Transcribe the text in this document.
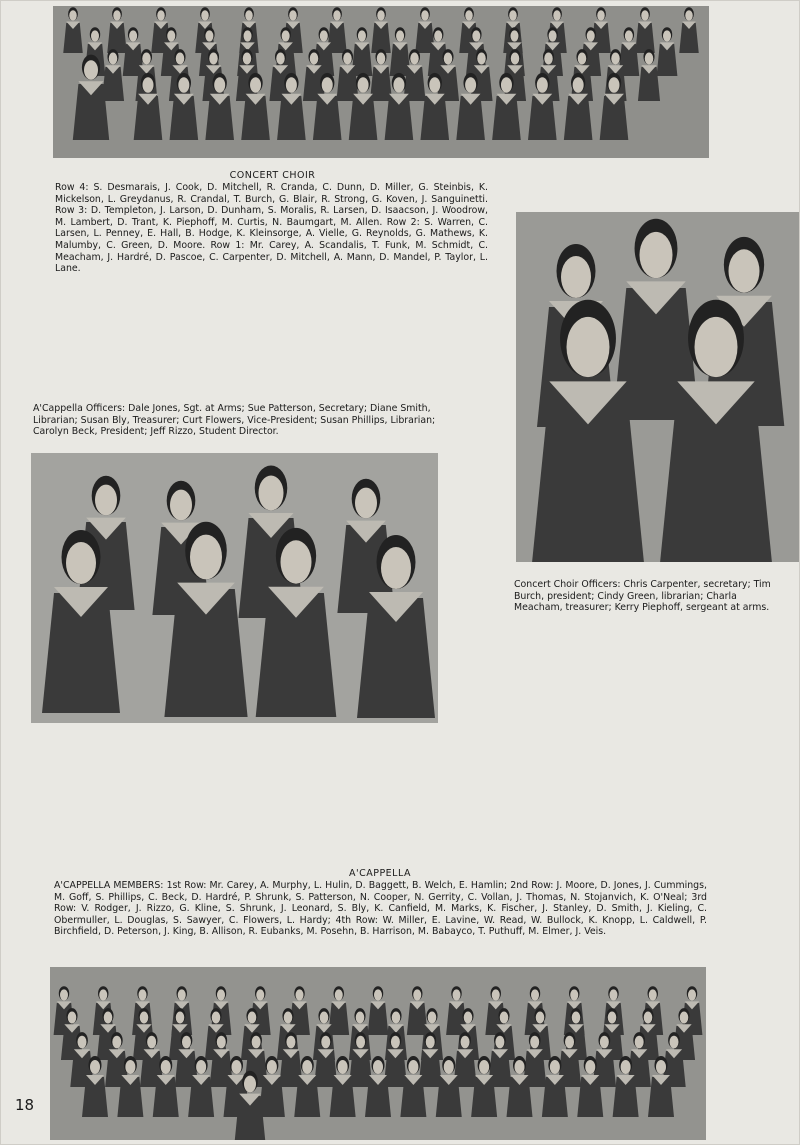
CONCERT CHOIR
Row 4: S. Desmarais, J. Cook, D. Mitchell, R. Cranda, C. Dunn, D. Miller, G. Steinbis, K. Mickelson, L. Greydanus, R. Crandal, T. Burch, G. Blair, R. Strong, G. Koven, J. Sanguinetti. Row 3: D. Templeton, J. Larson, D. Dunham, S. Moralis, R. Larsen, D. Isaacson, J. Woodrow, M. Lambert, D. Trant, K. Piephoff, M. Curtis, N. Baumgart, M. Allen. Row 2: S. Warren, C. Larsen, L. Penney, E. Hall, B. Hodge, K. Kleinsorge, A. Vielle, G. Reynolds, G. Mathews, K. Malumby, C. Green, D. Moore. Row 1: Mr. Carey, A. Scandalis, T. Funk, M. Schmidt, C. Meacham, J. Hardré, D. Pascoe, C. Carpenter, D. Mitchell, A. Mann, D. Mandel, P. Taylor, L. Lane.
Concert Choir Officers: Chris Carpenter, secretary; Tim Burch, president; Cindy Green, librarian; Charla Meacham, treasurer; Kerry Piephoff, sergeant at arms.
A'Cappella Officers: Dale Jones, Sgt. at Arms; Sue Patterson, Secretary; Diane Smith, Librarian; Susan Bly, Treasurer; Curt Flowers, Vice-President; Susan Phillips, Librarian; Carolyn Beck, President; Jeff Rizzo, Student Director.
A'CAPPELLA
A'CAPPELLA MEMBERS: 1st Row: Mr. Carey, A. Murphy, L. Hulin, D. Baggett, B. Welch, E. Hamlin; 2nd Row: J. Moore, D. Jones, J. Cummings, M. Goff, S. Phillips, C. Beck, D. Hardré, P. Shrunk, S. Patterson, N. Cooper, N. Gerrity, C. Vollan, J. Thomas, N. Stojanvich, K. O'Neal; 3rd Row: V. Rodger, J. Rizzo, G. Kline, S. Shrunk, J. Leonard, S. Bly, K. Canfield, M. Marks, K. Fischer, J. Stanley, D. Smith, J. Kieling, C. Obermuller, L. Douglas, S. Sawyer, C. Flowers, L. Hardy; 4th Row: W. Miller, E. Lavine, W. Read, W. Bullock, K. Knopp, L. Caldwell, P. Birchfield, D. Peterson, J. King, B. Allison, R. Eubanks, M. Posehn, B. Harrison, M. Babayco, T. Puthuff, M. Elmer, J. Veis.
18
